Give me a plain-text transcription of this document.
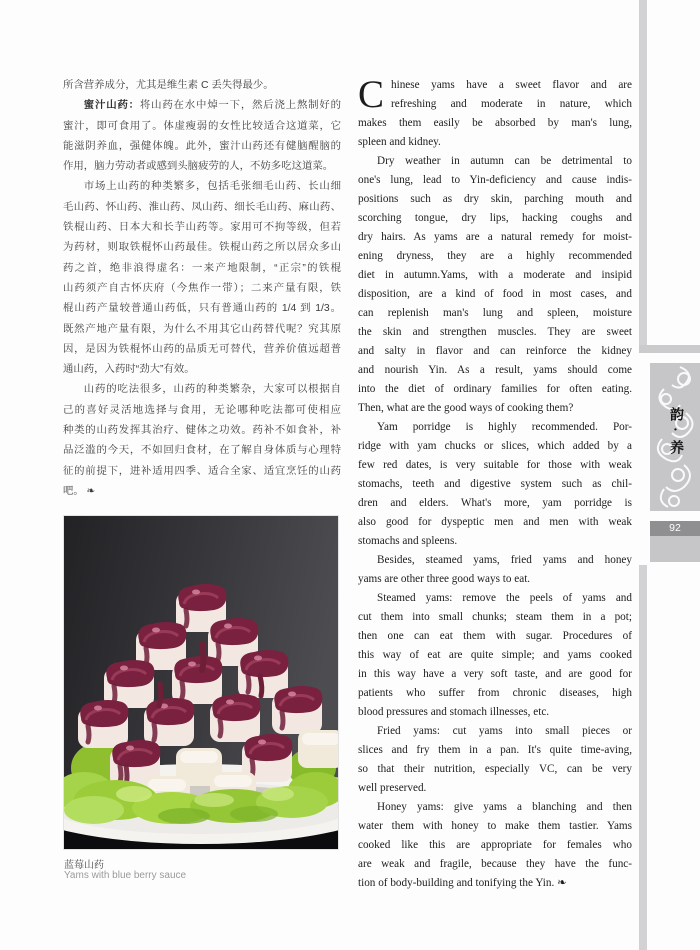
所含营养成分，尤其是维生素 C 丢失得最少。
蜜汁山药：将山药在水中焯一下，然后浇上熬制好的
蜜汁，即可食用了。体虚瘦弱的女性比较适合这道菜，它
能滋阴养血，强健体魄。此外，蜜汁山药还有健脑醒脑的
作用，脑力劳动者或感到头脑疲劳的人，不妨多吃这道菜。
市场上山药的种类繁多，包括毛张细毛山药、长山细
毛山药、怀山药、淮山药、凤山药、细长毛山药、麻山药、
铁棍山药、日本大和长芋山药等。家用可不拘等级，但若
为药材，则取铁棍怀山药最佳。铁棍山药之所以居众多山
药之首，绝非浪得虚名：一来产地限制，“正宗”的铁棍
山药须产自古怀庆府（今焦作一带）；二来产量有限，铁
棍山药产量较普通山药低，只有普通山药的 1/4 到 1/3。
既然产地产量有限，为什么不用其它山药替代呢？究其原
因，是因为铁棍怀山药的品质无可替代，营养价值远超普
通山药，入药时“劲大”有效。
山药的吃法很多，山药的种类繁杂，大家可以根据自
己的喜好灵活地选择与食用，无论哪种吃法都可使相应
种类的山药发挥其治疗、健体之功效。药补不如食补，补
品泛滥的今天，不如回归食材，在了解自身体质与心理特
征的前提下，进补适用四季、适合全家、适宜烹饪的山药
吧。 ❧
C hinese yams have a sweet flavor and are
refreshing and moderate in nature, which
makes them easily be absorbed by man's lung,
spleen and kidney.
Dry weather in autumn can be detrimental to
one's lung, lead to Yin-deficiency and cause indis-
positions such as dry skin, parching mouth and
scorching tongue, dry lips, hacking coughs and
dry hairs. As yams are a natural remedy for moist-
ening dryness, they are a highly recommended
diet in autumn.Yams, with a moderate and insipid
disposition, are a kind of food in most cases, and
can replenish man's lung and spleen, moisture
the skin and strengthen muscles. They are sweet
and salty in flavor and can reinforce the kidney
and nourish Yin. As a result, yams should come
into the diet of ordinary families for often eating.
Then, what are the good ways of cooking them?
Yam porridge is highly recommended. Por-
ridge with yam chucks or slices, which added by a
few red dates, is very suitable for those with weak
stomachs, teeth and digestive system such as chil-
dren and elders. What's more, yam porridge is
also good for dyspeptic men and men with weak
stomachs and spleens.
Besides, steamed yams, fried yams and honey
yams are other three good ways to eat.
Steamed yams: remove the peels of yams and
cut them into small chunks; steam them in a pot;
then one can eat them with sugar. Procedures of
this way of eat are quite simple; and yams cooked
in this way have a very soft taste, and are good for
patients who suffer from chronic diseases, high
blood pressures and stomach illnesses, etc.
Fried yams: cut yams into small pieces or
slices and fry them in a pan. It's quite time-aving,
so that their nutrition, especially VC, can be very
well preserved.
Honey yams: give yams a blanching and then
water them with honey to make them tastier. Yams
cooked like this are appropriate for females who
are weak and fragile, because they have the func-
tion of body-building and tonifying the Yin. ❧
蓝莓山药
Yams with blue berry sauce
韵·养
92
